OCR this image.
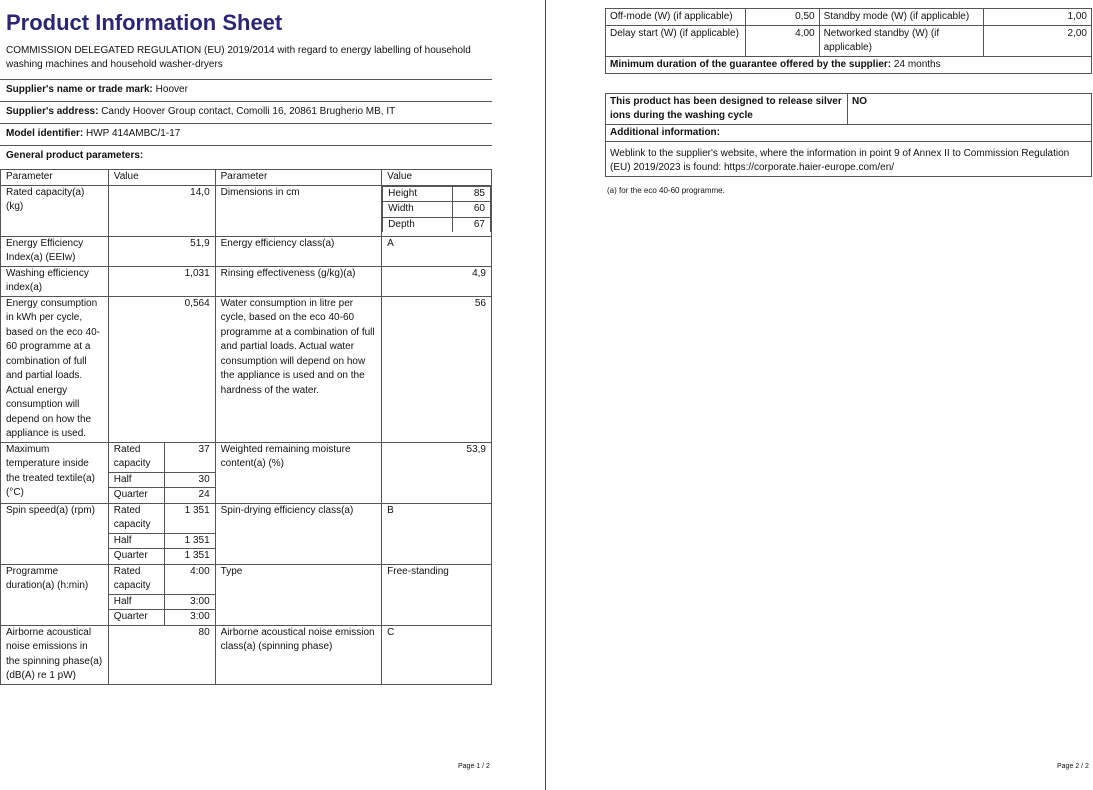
Product Information Sheet
COMMISSION DELEGATED REGULATION (EU) 2019/2014 with regard to energy labelling of household washing machines and household washer-dryers
Supplier's name or trade mark: Hoover
Supplier's address: Candy Hoover Group contact, Comolli 16, 20861 Brugherio MB, IT
Model identifier: HWP 414AMBC/1-17
General product parameters:
Parameter	Value	Parameter	Value
Rated capacity(a) (kg)	14,0	Dimensions in cm		Height	85
Width	60
Depth	67

Energy Efficiency Index(a) (EEIw)	51,9	Energy efficiency class(a)	A
Washing efficiency index(a)	1,031	Rinsing effectiveness (g/kg)(a)	4,9
Energy consumption in kWh per cycle, based on the eco 40-60 programme at a combination of full and partial loads. Actual energy consumption will depend on how the appliance is used.	0,564	Water consumption in litre per cycle, based on the eco 40-60 programme at a combination of full and partial loads. Actual water consumption will depend on how the appliance is used and on the hardness of the water.	56
Maximum temperature inside the treated textile(a) (°C)	Rated capacity	37	Weighted remaining moisture content(a) (%)	53,9
Half	30
Quarter	24
Spin speed(a) (rpm)	Rated capacity	1 351	Spin-drying efficiency class(a)	B
Half	1 351
Quarter	1 351
Programme duration(a) (h:min)	Rated capacity	4:00	Type	Free-standing
Half	3:00
Quarter	3:00
Airborne acoustical noise emissions in the spinning phase(a) (dB(A) re 1 pW)	80	Airborne acoustical noise emission class(a) (spinning phase)	C
Page 1 / 2
Off-mode (W) (if applicable)	0,50	Standby mode (W) (if applicable)	1,00
Delay start (W) (if applicable)	4,00	Networked standby (W) (if applicable)	2,00
Minimum duration of the guarantee offered by the supplier: 24 months			
This product has been designed to release silver ions during the washing cycle	NO
Additional information:
Weblink to the supplier's website, where the information in point 9 of Annex II to Commission Regulation (EU) 2019/2023 is found: https://corporate.haier-europe.com/en/
(a) for the eco 40-60 programme.
Page 2 / 2
